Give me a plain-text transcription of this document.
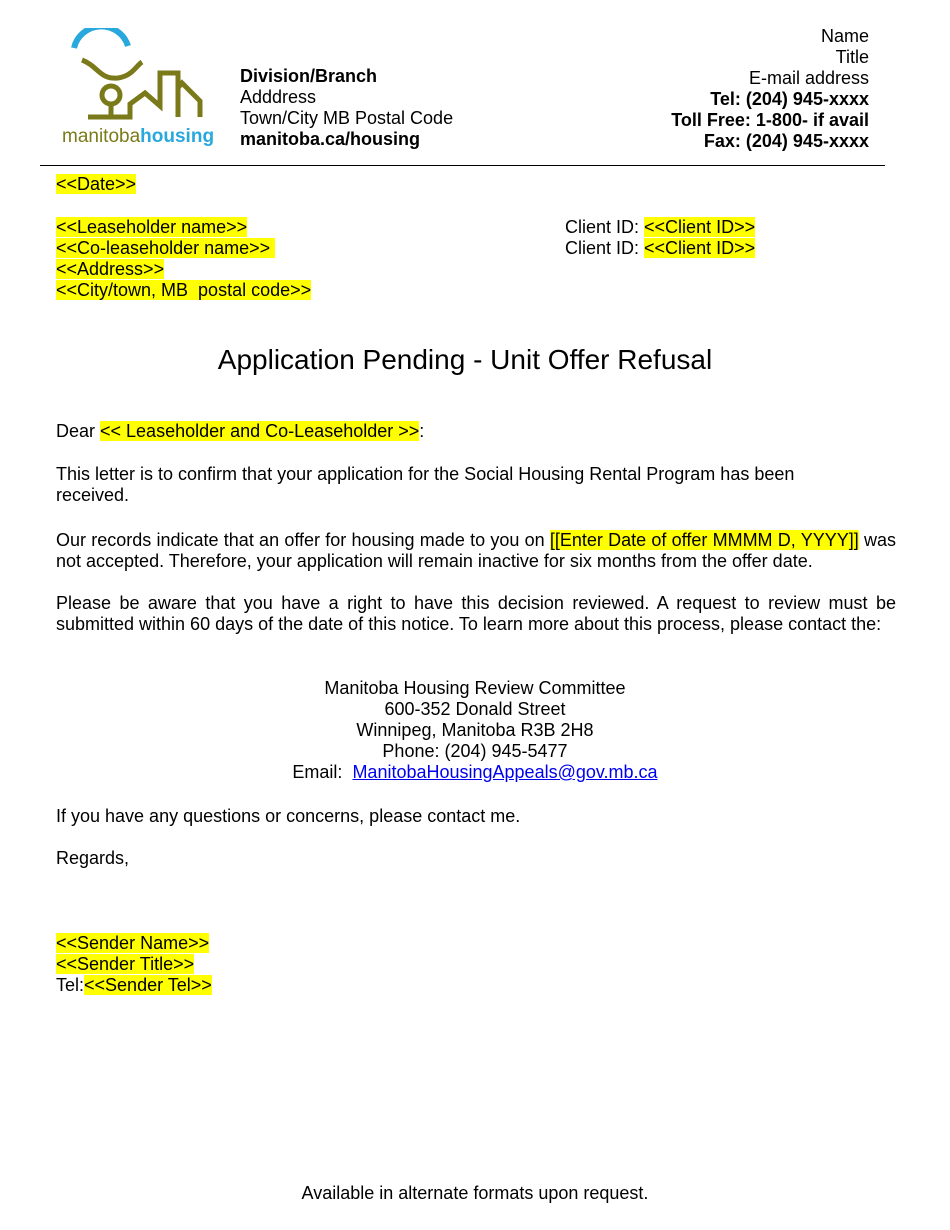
manitobahousing
Division/Branch
Adddress
Town/City MB Postal Code
manitoba.ca/housing
Name
Title
E-mail address
Tel: (204) 945-xxxx
Toll Free: 1-800- if avail
Fax: (204) 945-xxxx
<<Date>>
<<Leaseholder name>>
<<Co-leaseholder name>>
<<Address>>
<<City/town, MB  postal code>>
Client ID: <<Client ID>>
Client ID: <<Client ID>>
Application Pending - Unit Offer Refusal
Dear << Leaseholder and Co-Leaseholder >>:
This letter is to confirm that your application for the Social Housing Rental Program has been received.
Our records indicate that an offer for housing made to you on [[Enter Date of offer MMMM D, YYYY]] was not accepted. Therefore, your application will remain inactive for six months from the offer date.
Please be aware that you have a right to have this decision reviewed. A request to review must be submitted within 60 days of the date of this notice. To learn more about this process, please contact the:
Manitoba Housing Review Committee
600-352 Donald Street
Winnipeg, Manitoba R3B 2H8
Phone: (204) 945-5477
Email:  ManitobaHousingAppeals@gov.mb.ca
If you have any questions or concerns, please contact me.
Regards,
<<Sender Name>>
<<Sender Title>>
Tel:<<Sender Tel>>
Available in alternate formats upon request.
